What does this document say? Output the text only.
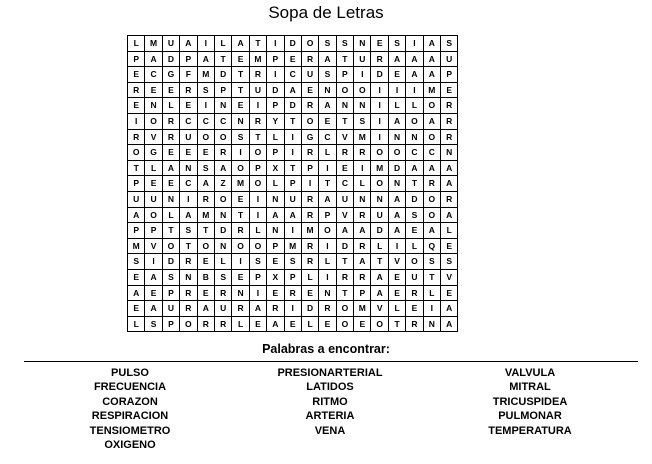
Sopa de Letras
L	M	U	A	I	L	A	T	I	D	O	S	S	N	E	S	I	A	S
P	A	D	P	A	T	E	M	P	E	R	A	T	U	R	A	A	A	U
E	C	G	F	M	D	T	R	I	C	U	S	P	I	D	E	A	A	P
R	E	E	R	S	P	T	U	D	A	E	N	O	O	I	I	I	M	E
E	N	L	E	I	N	E	I	P	D	R	A	N	N	I	L	L	O	R
I	O	R	C	C	C	N	R	Y	T	O	E	T	S	I	A	O	A	R
R	V	R	U	O	O	S	T	L	I	G	C	V	M	I	N	N	O	R
O	G	E	E	E	R	I	O	P	I	R	L	R	R	O	O	C	C	N
T	L	A	N	S	A	O	P	X	T	P	I	E	I	M	D	A	A	A
P	E	E	C	A	Z	M	O	L	P	I	T	C	L	O	N	T	R	A
U	U	N	I	R	O	E	I	N	U	R	A	U	N	N	A	D	O	R
A	O	L	A	M	N	T	I	A	A	R	P	V	R	U	A	S	O	A
P	P	T	S	T	D	R	L	N	I	M	O	A	A	D	A	E	A	L
M	V	O	T	O	N	O	O	P	M	R	I	D	R	L	I	L	Q	E
S	I	D	R	E	L	I	S	E	S	R	L	T	A	T	V	O	S	S
E	A	S	N	B	S	E	P	X	P	L	I	R	R	A	E	U	T	V
A	E	P	R	E	R	N	I	E	R	E	N	T	P	A	E	R	L	E
E	A	U	R	A	U	R	A	R	I	D	R	O	M	V	L	E	I	A
L	S	P	O	R	R	L	E	A	E	L	E	O	E	O	T	R	N	A
Palabras a encontrar:
PULSO
FRECUENCIA
CORAZON
RESPIRACION
TENSIOMETRO
OXIGENO
PRESIONARTERIAL
LATIDOS
RITMO
ARTERIA
VENA
VALVULA
MITRAL
TRICUSPIDEA
PULMONAR
TEMPERATURA
